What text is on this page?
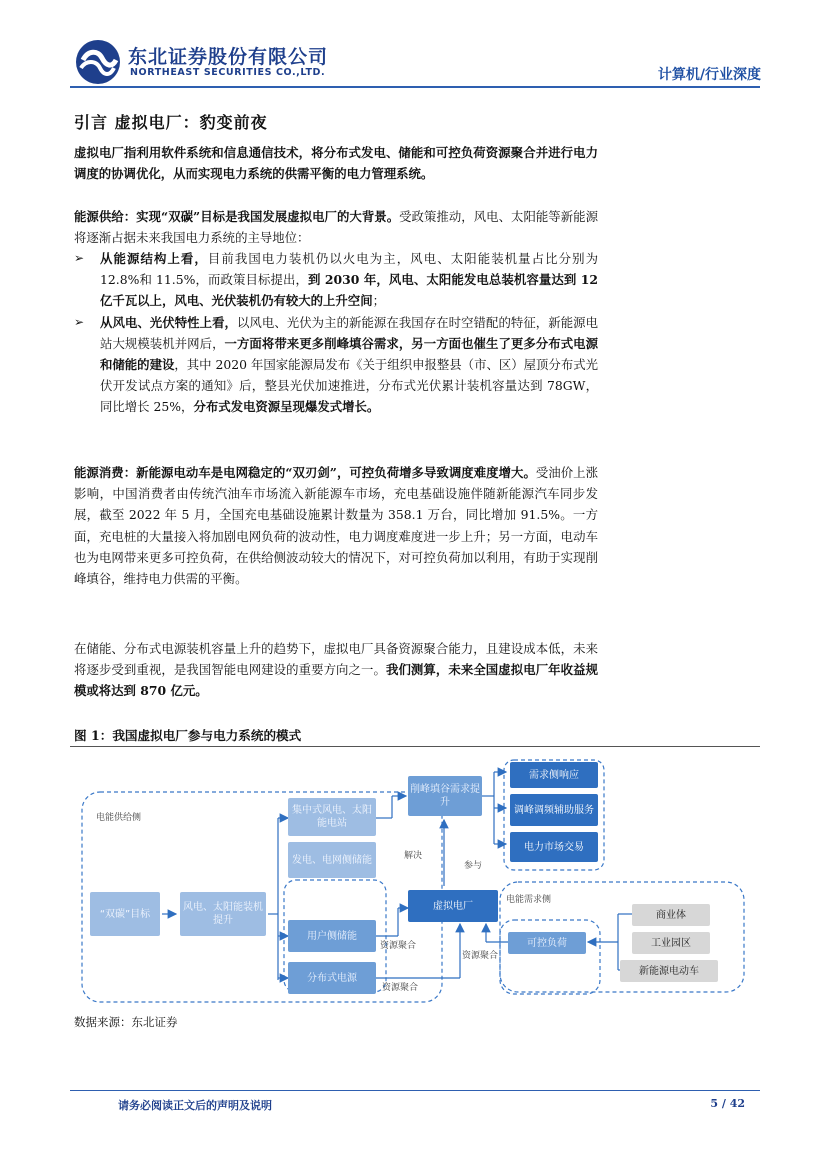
东北证券股份有限公司
NORTHEAST SECURITIES CO.,LTD.	计算机/行业深度
引言 虚拟电厂：豹变前夜
虚拟电厂指利用软件系统和信息通信技术，将分布式发电、储能和可控负荷资源聚合并进行电力调度的协调优化，从而实现电力系统的供需平衡的电力管理系统。
能源供给：实现“双碳”目标是我国发展虚拟电厂的大背景。受政策推动，风电、太阳能等新能源将逐渐占据未来我国电力系统的主导地位：
➢ 从能源结构上看，目前我国电力装机仍以火电为主，风电、太阳能装机量占比分别为 12.8%和 11.5%，而政策目标提出，到 2030 年，风电、太阳能发电总装机容量达到 12 亿千瓦以上，风电、光伏装机仍有较大的上升空间；
➢ 从风电、光伏特性上看，以风电、光伏为主的新能源在我国存在时空错配的特征，新能源电站大规模装机并网后，一方面将带来更多削峰填谷需求，另一方面也催生了更多分布式电源和储能的建设，其中 2020 年国家能源局发布《关于组织申报整县（市、区）屋顶分布式光伏开发试点方案的通知》后，整县光伏加速推进，分布式光伏累计装机容量达到 78GW，同比增长 25%，分布式发电资源呈现爆发式增长。
能源消费：新能源电动车是电网稳定的“双刃剑”，可控负荷增多导致调度难度增大。受油价上涨影响，中国消费者由传统汽油车市场流入新能源车市场，充电基础设施伴随新能源汽车同步发展，截至 2022 年 5 月，全国充电基础设施累计数量为 358.1 万台，同比增加 91.5%。一方面，充电桩的大量接入将加剧电网负荷的波动性，电力调度难度进一步上升；另一方面，电动车也为电网带来更多可控负荷，在供给侧波动较大的情况下，对可控负荷加以利用，有助于实现削峰填谷，维持电力供需的平衡。
在储能、分布式电源装机容量上升的趋势下，虚拟电厂具备资源聚合能力，且建设成本低，未来将逐步受到重视，是我国智能电网建设的重要方向之一。我们测算，未来全国虚拟电厂年收益规模或将达到 870 亿元。
图 1：我国虚拟电厂参与电力系统的模式
电能供给侧
电能需求侧
“双碳”目标
风电、太阳能装机提升
集中式风电、太阳能电站
发电、电网侧储能
用户侧储能
分布式电源
虚拟电厂
削峰填谷需求提升
需求侧响应
调峰调频辅助服务
电力市场交易
可控负荷
商业体
工业园区
新能源电动车
解决
参与
资源聚合
资源聚合
资源聚合
数据来源：东北证券
请务必阅读正文后的声明及说明	5 / 42
